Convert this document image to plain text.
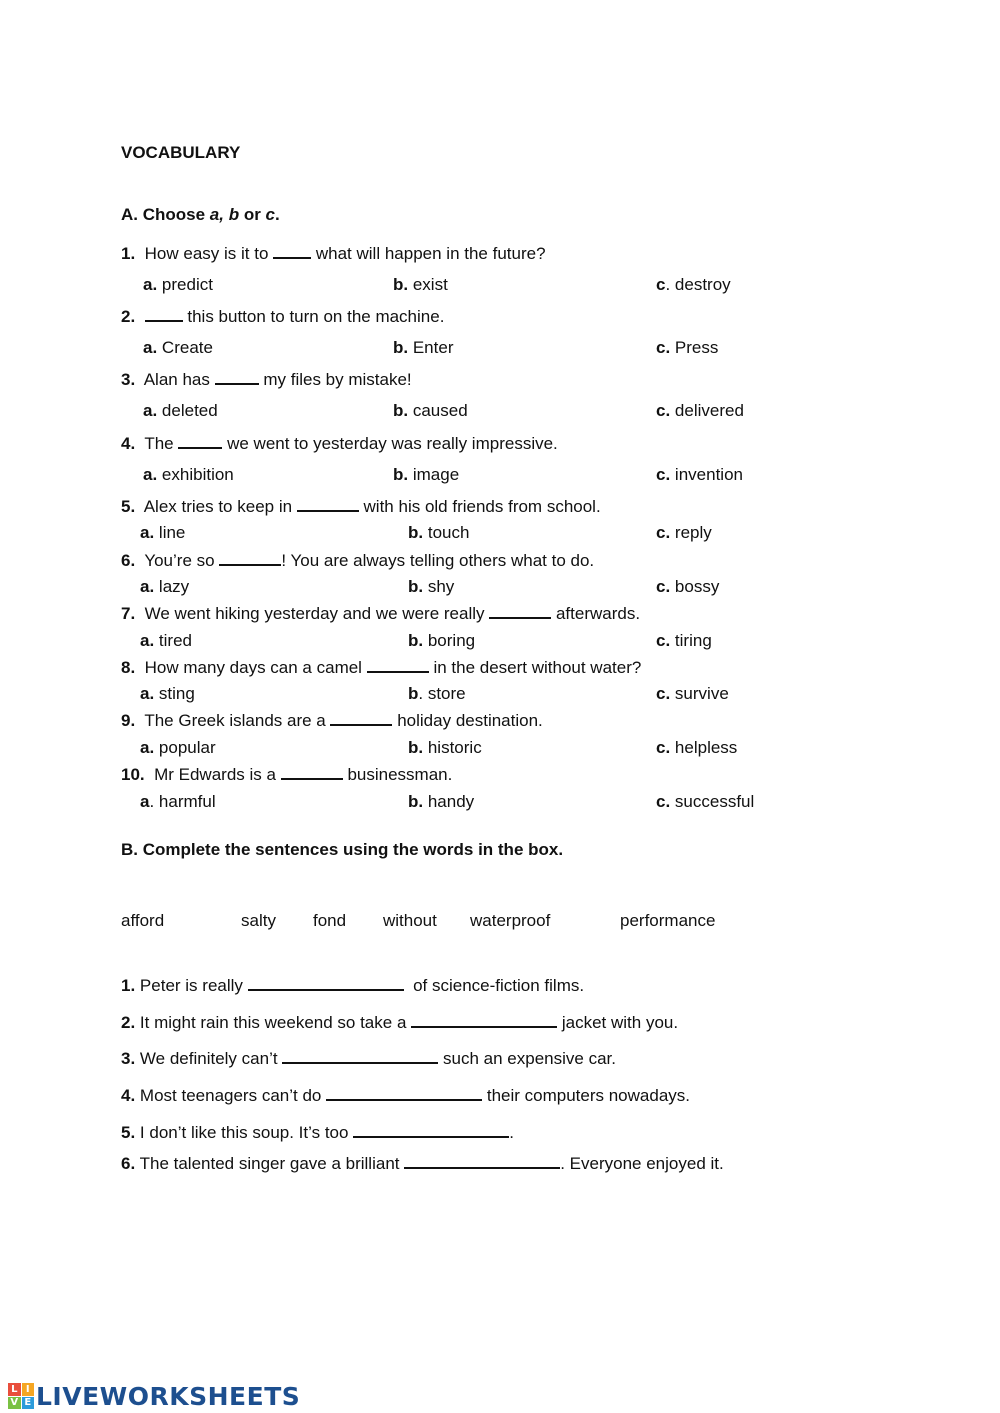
VOCABULARY
A. Choose a, b or c.
1. How easy is it to	what will happen in the future?
a. predict	b. exist	c. destroy
2.	this button to turn on the machine.
a. Create	b. Enter	c. Press
3. Alan has	my files by mistake!
a. deleted	b. caused	c. delivered
4. The	we went to yesterday was really impressive.
a. exhibition	b. image	c. invention
5. Alex tries to keep in	with his old friends from school.
a. line	b. touch	c. reply
6. You’re so	! You are always telling others what to do.
a. lazy	b. shy	c. bossy
7. We went hiking yesterday and we were really	afterwards.
a. tired	b. boring	c. tiring
8. How many days can a camel	in the desert without water?
a. sting	b. store	c. survive
9. The Greek islands are a	holiday destination.
a. popular	b. historic	c. helpless
10. Mr Edwards is a	businessman.
a. harmful	b. handy	c. successful
B. Complete the sentences using the words in the box.
afford	salty fond without waterproof	performance
1. Peter is really	of science-fiction films.
2. It might rain this weekend so take a	jacket with you.
3. We definitely can’t	such an expensive car.
4. Most teenagers can’t do	their computers nowadays.
5. I don’t like this soup. It’s too	.
6. The talented singer gave a brilliant	. Everyone enjoyed it.
L I
V E LIVEWORKSHEETS
